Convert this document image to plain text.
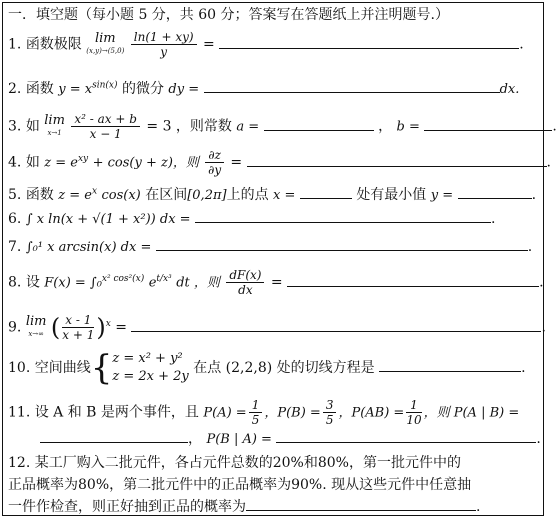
一．填空题（每小题 5 分，共 60 分；答案写在答题纸上并注明题号.）
1. 函数极限 lim
(x,y)→(5,0)
$\frac{\ln(1 + xy)}{y}$ =	.
2. 函数 $y = x^{sin(x)}$ 的微分 dy =	dx.
3. 如 lim
x→1
$\frac{\text{x² - ax + b}}{x - 1} = 3$ ，则常数 a =	， b =	.
4. 如 $z = e^{xy} + \cos(y + z)$，则 $\frac{\partial z}{\partial y}$ =	.
5. 函数 $z = e^x$ cos(x) 在区间[0,2π]上的点 x =	处有最小值 y =	.
6. ∫ x ln(x + √(1 + x²)) dx =	.
7. ∫₀¹ x arcsin(x) dx =	.
8. 设 F(x) = ∫₀$^{x^2 cos^2(x)}$ $e^{t/x^3}$ dt ，则 $\frac{dF(x)}{dx}$ =	.
9. lim
x→∞ ( $\frac{x - 1}{x + 1} )^x$ =	.
10. 空间曲线{ z = x² + y²
z = 2x + 2y
在点 (2,2,8) 处的切线方程是	.
11. 设 A 和 B 是两个事件，且 $P(A) = \frac{1}{5}$ ，$P(B) = \frac{3}{5}$ ，$P(AB) = \frac{1}{10}$ ，则 P(A | B) =
， P(B | A) =	.
12. 某工厂购入二批元件，各占元件总数的20%和80%，第一批元件中的
正品概率为80%，第二批元件中的正品概率为90%. 现从这些元件中任意抽
一件作检查，则正好抽到正品的概率为	.
